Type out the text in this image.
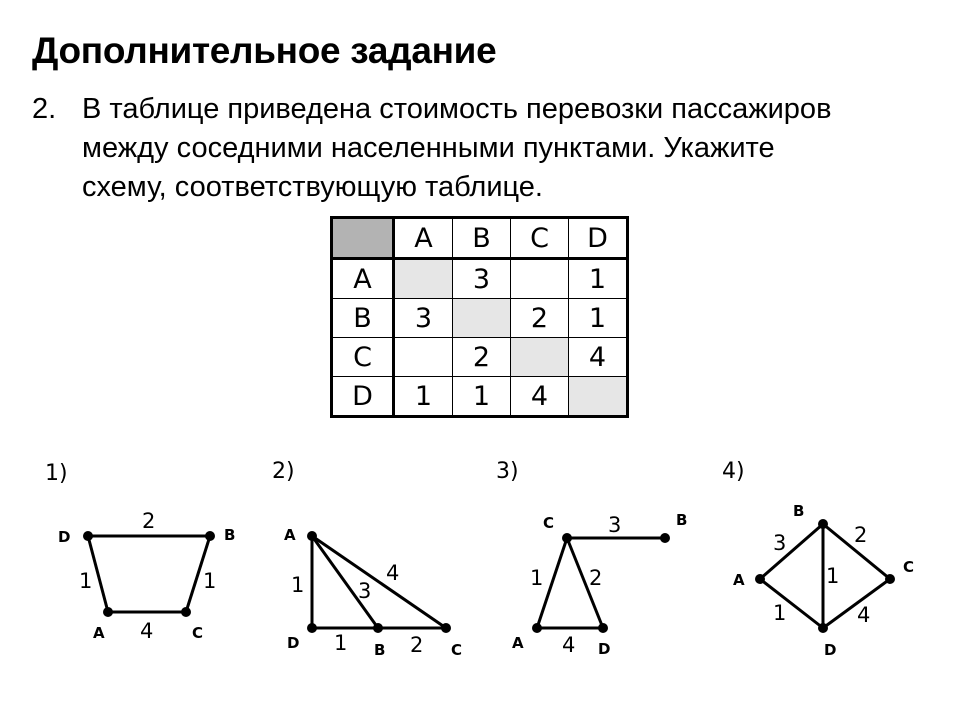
Дополнительное задание
2. В таблице приведена стоимость перевозки пассажиров
между соседними населенными пунктами. Укажите
схему, соответствующую таблице.
	A	B	C	D
A		3		1
B	3		2	1
C		2		4
D	1	1	4	
1)
D	B
A	C
2
1	1
4
2)
A
D	B	C
1	3
4
1	2
3)
C	B
A	D
3
1 2
4
4)
B
A
C
D
3	2
1
1	4
